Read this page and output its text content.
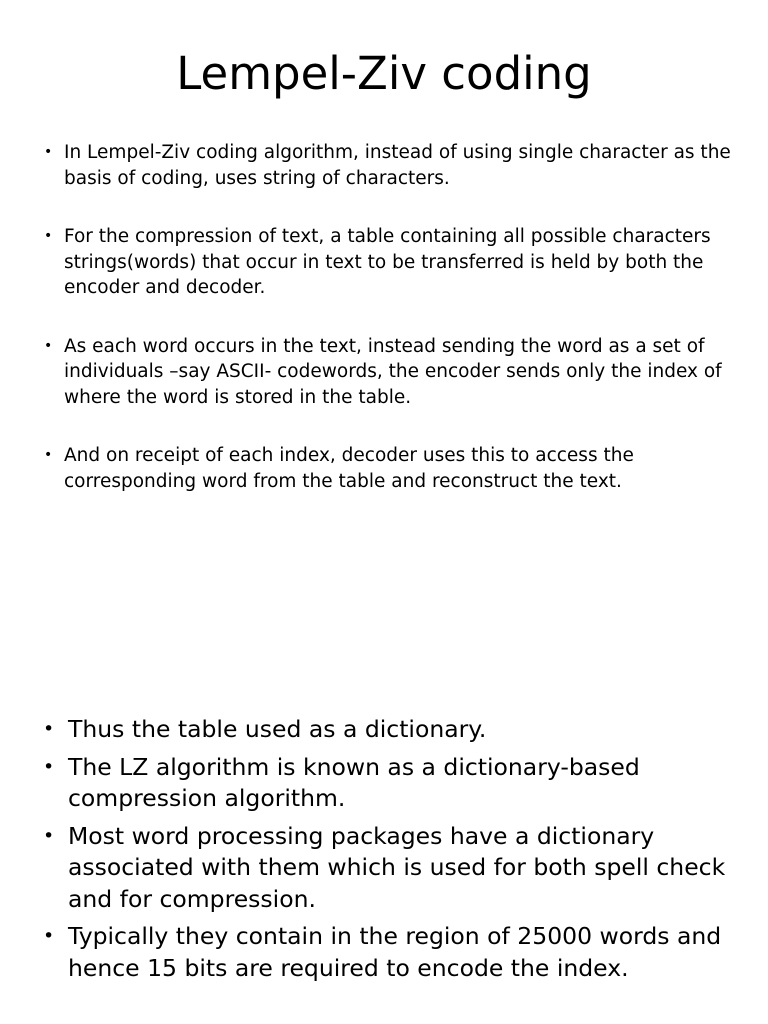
Lempel-Ziv coding
• In Lempel-Ziv coding algorithm, instead of using single character as the basis of coding, uses string of characters.
• For the compression of text, a table containing all possible characters strings(words) that occur in text to be transferred is held by both the encoder and decoder.
• As each word occurs in the text, instead sending the word as a set of individuals –say ASCII- codewords, the encoder sends only the index of where the word is stored in the table.
• And on receipt of each index, decoder uses this to access the corresponding word from the table and reconstruct the text.
• Thus the table used as a dictionary.
• The LZ algorithm is known as a dictionary-based compression algorithm.
• Most word processing packages have a dictionary associated with them which is used for both spell check and for compression.
• Typically they contain in the region of 25000 words and hence 15 bits are required to encode the index.
